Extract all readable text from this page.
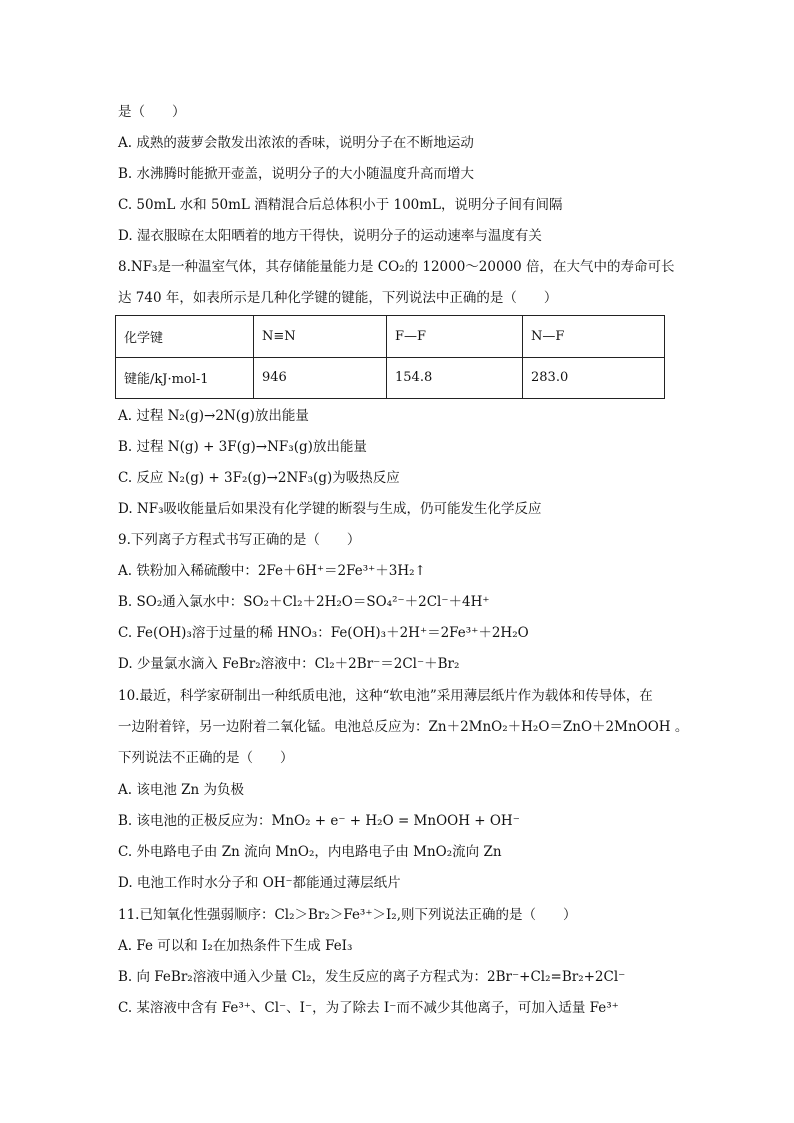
是（　　）
A. 成熟的菠萝会散发出浓浓的香味，说明分子在不断地运动
B. 水沸腾时能掀开壶盖，说明分子的大小随温度升高而增大
C. 50mL 水和 50mL 酒精混合后总体积小于 100mL，说明分子间有间隔
D. 湿衣服晾在太阳晒着的地方干得快，说明分子的运动速率与温度有关
8.NF₃是一种温室气体，其存储能量能力是 CO₂的 12000～20000 倍，在大气中的寿命可长
达 740 年，如表所示是几种化学键的键能，下列说法中正确的是（　　）
化学键	N≡N	F—F	N—F
键能/kJ·mol-1	946	154.8	283.0
A. 过程 N₂(g)→2N(g)放出能量
B. 过程 N(g) + 3F(g)→NF₃(g)放出能量
C. 反应 N₂(g) + 3F₂(g)→2NF₃(g)为吸热反应
D. NF₃吸收能量后如果没有化学键的断裂与生成，仍可能发生化学反应
9.下列离子方程式书写正确的是（　　）
A. 铁粉加入稀硫酸中：2Fe＋6H⁺＝2Fe³⁺＋3H₂↑
B. SO₂通入氯水中：SO₂＋Cl₂＋2H₂O＝SO₄²⁻＋2Cl⁻＋4H⁺
C. Fe(OH)₃溶于过量的稀 HNO₃：Fe(OH)₃＋2H⁺＝2Fe³⁺＋2H₂O
D. 少量氯水滴入 FeBr₂溶液中：Cl₂＋2Br⁻＝2Cl⁻＋Br₂
10.最近，科学家研制出一种纸质电池，这种“软电池”采用薄层纸片作为载体和传导体，在
一边附着锌，另一边附着二氧化锰。电池总反应为：Zn＋2MnO₂＋H₂O＝ZnO＋2MnOOH 。
下列说法不正确的是（　　）
A. 该电池 Zn 为负极
B. 该电池的正极反应为：MnO₂ + e⁻ + H₂O = MnOOH + OH⁻
C. 外电路电子由 Zn 流向 MnO₂，内电路电子由 MnO₂流向 Zn
D. 电池工作时水分子和 OH⁻都能通过薄层纸片
11.已知氧化性强弱顺序：Cl₂＞Br₂＞Fe³⁺＞I₂,则下列说法正确的是（　　）
A. Fe 可以和 I₂在加热条件下生成 FeI₃
B. 向 FeBr₂溶液中通入少量 Cl₂，发生反应的离子方程式为：2Br⁻+Cl₂=Br₂+2Cl⁻
C. 某溶液中含有 Fe³⁺、Cl⁻、I⁻，为了除去 I⁻而不减少其他离子，可加入适量 Fe³⁺
